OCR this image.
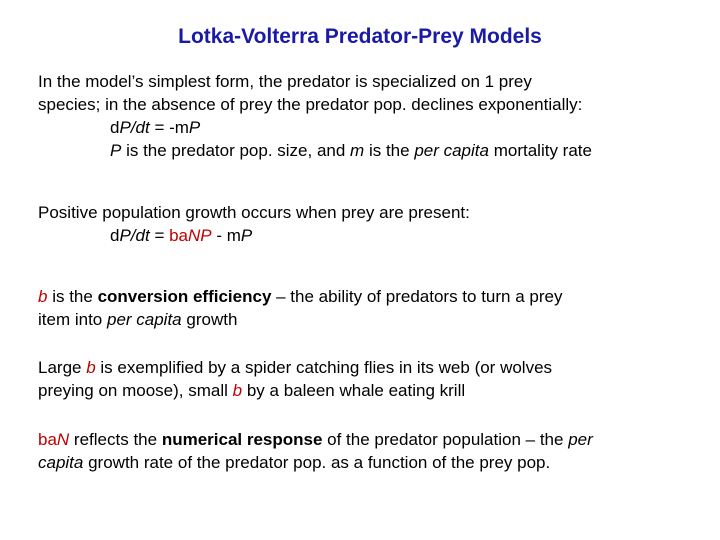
Lotka-Volterra Predator-Prey Models
In the model’s simplest form, the predator is specialized on 1 prey
species; in the absence of prey the predator pop. declines exponentially:
dP/dt = -mP
P is the predator pop. size, and m is the per capita mortality rate
Positive population growth occurs when prey are present:
dP/dt = baNP - mP
b is the conversion efficiency – the ability of predators to turn a prey
item into per capita growth
Large b is exemplified by a spider catching flies in its web (or wolves
preying on moose), small b by a baleen whale eating krill
baN reflects the numerical response of the predator population – the per
capita growth rate of the predator pop. as a function of the prey pop.
